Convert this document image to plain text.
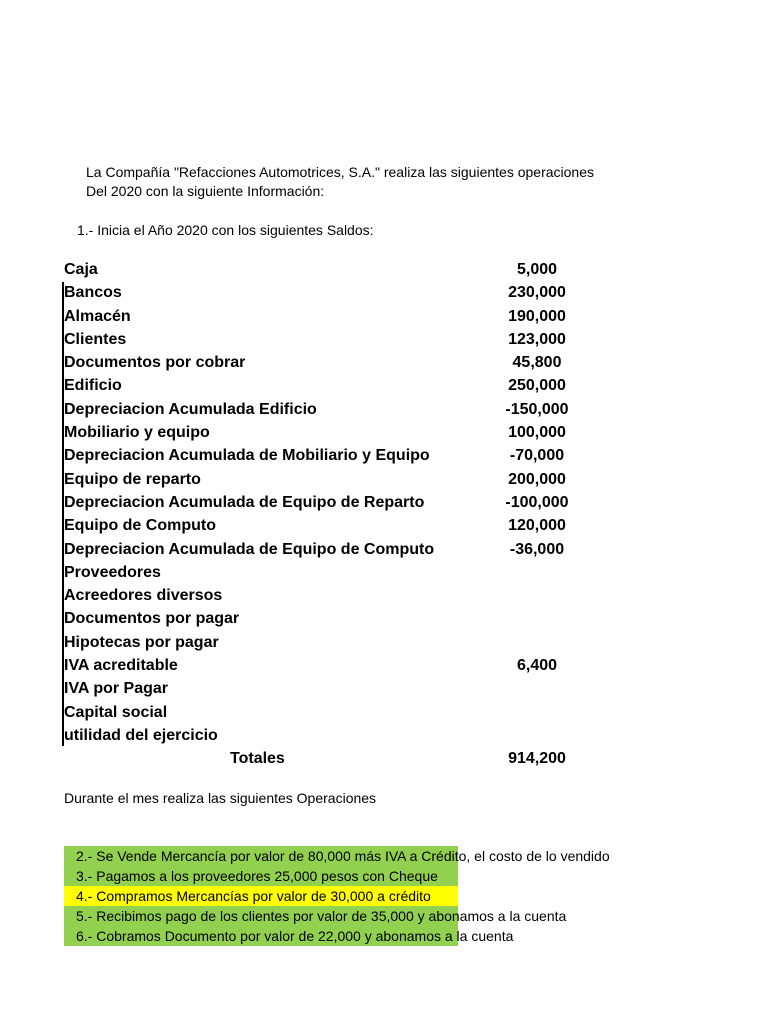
La Compañía "Refacciones Automotrices, S.A." realiza las siguientes operaciones
Del 2020 con la siguiente Información:
1.- Inicia el Año 2020 con los siguientes Saldos:
Caja	5,000
Bancos	230,000
Almacén	190,000
Clientes	123,000
Documentos por cobrar	45,800
Edificio	250,000
Depreciacion Acumulada Edificio	-150,000
Mobiliario y equipo	100,000
Depreciacion Acumulada de Mobiliario y Equipo	-70,000
Equipo de reparto	200,000
Depreciacion Acumulada de Equipo de Reparto	-100,000
Equipo de Computo	120,000
Depreciacion Acumulada de Equipo de Computo	-36,000
Proveedores
Acreedores diversos
Documentos por pagar
Hipotecas por pagar
IVA acreditable	6,400
IVA por Pagar
Capital social
utilidad del ejercicio
Totales	914,200
Durante el mes realiza las siguientes Operaciones
2.- Se Vende Mercancía por valor de 80,000 más IVA a Crédito, el costo de lo vendido
3.- Pagamos a los proveedores 25,000 pesos con Cheque
4.- Compramos Mercancías por valor de 30,000 a crédito
5.- Recibimos pago de los clientes por valor de 35,000 y abonamos a la cuenta
6.- Cobramos Documento por valor de 22,000 y abonamos a la cuenta
